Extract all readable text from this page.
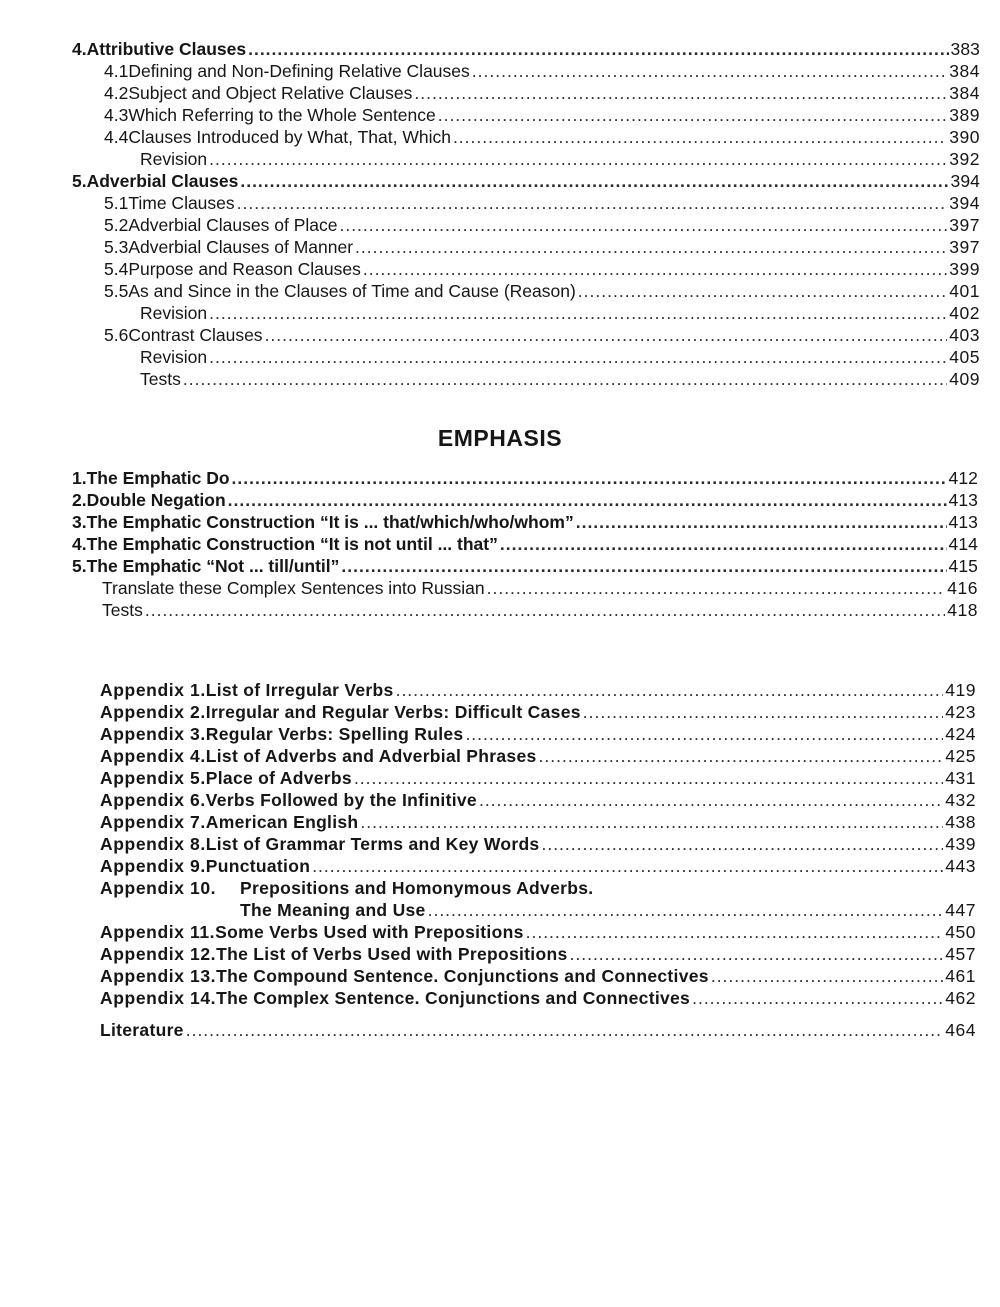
4. Attributive Clauses .....	383
4.1 Defining and Non-Defining Relative Clauses .....	384
4.2 Subject and Object Relative Clauses .....	384
4.3 Which Referring to the Whole Sentence .....	389
4.4 Clauses Introduced by What, That, Which .....	390
Revision .....	392
5. Adverbial Clauses .....	394
5.1 Time Clauses .....	394
5.2 Adverbial Clauses of Place .....	397
5.3 Adverbial Clauses of Manner .....	397
5.4 Purpose and Reason Clauses .....	399
5.5 As and Since in the Clauses of Time and Cause (Reason) .....	401
Revision .....	402
5.6 Contrast Clauses .....	403
Revision .....	405
Tests .....	409
EMPHASIS
1. The Emphatic Do .....	412
2. Double Negation .....	413
3. The Emphatic Construction “It is ... that/which/who/whom” .....	413
4. The Emphatic Construction “It is not until ... that” .....	414
5. The Emphatic “Not ... till/until” .....	415
Translate these Complex Sentences into Russian .....	416
Tests .....	418
Appendix 1. List of Irregular Verbs .....	419
Appendix 2. Irregular and Regular Verbs: Difficult Cases .....	423
Appendix 3. Regular Verbs: Spelling Rules .....	424
Appendix 4. List of Adverbs and Adverbial Phrases .....	425
Appendix 5. Place of Adverbs .....	431
Appendix 6. Verbs Followed by the Infinitive .....	432
Appendix 7. American English .....	438
Appendix 8. List of Grammar Terms and Key Words .....	439
Appendix 9. Punctuation .....	443
Appendix 10.	Prepositions and Homonymous Adverbs.
The Meaning and Use .....	447
Appendix 11. Some Verbs Used with Prepositions .....	450
Appendix 12. The List of Verbs Used with Prepositions .....	457
Appendix 13. The Compound Sentence. Conjunctions and Connectives .....	461
Appendix 14. The Complex Sentence. Conjunctions and Connectives .....	462
Literature .....	464
